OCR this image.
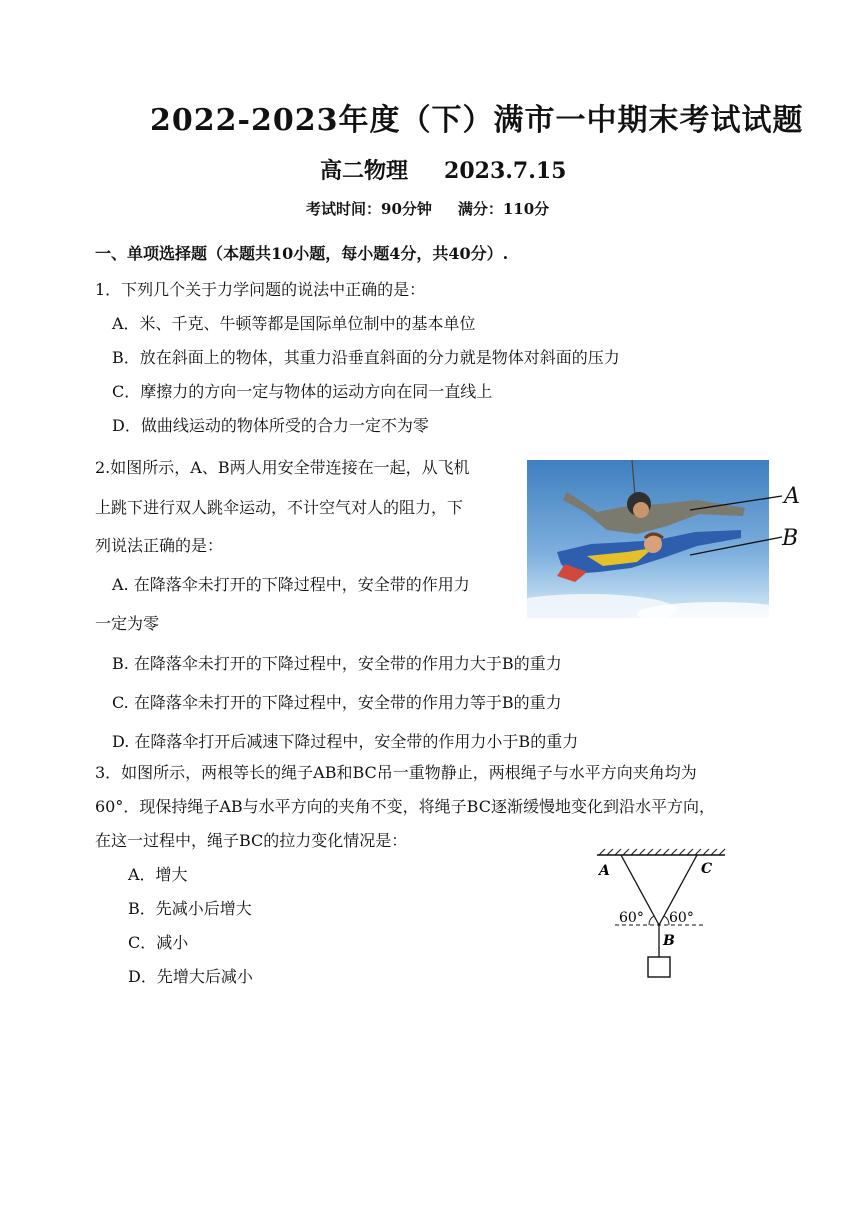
2022-2023年度（下）满市一中期末考试试题
高二物理 2023.7.15
考试时间：90分钟 满分：110分
一、单项选择题（本题共10小题，每小题4分，共40分）.
1．下列几个关于力学问题的说法中正确的是：
A．米、千克、牛顿等都是国际单位制中的基本单位
B．放在斜面上的物体，其重力沿垂直斜面的分力就是物体对斜面的压力
C．摩擦力的方向一定与物体的运动方向在同一直线上
D．做曲线运动的物体所受的合力一定不为零
2.如图所示，A、B两人用安全带连接在一起，从飞机
上跳下进行双人跳伞运动，不计空气对人的阻力，下
列说法正确的是：
A. 在降落伞未打开的下降过程中，安全带的作用力
一定为零
B. 在降落伞未打开的下降过程中，安全带的作用力大于B的重力
C. 在降落伞未打开的下降过程中，安全带的作用力等于B的重力
D. 在降落伞打开后减速下降过程中，安全带的作用力小于B的重力
A
B
3．如图所示，两根等长的绳子AB和BC吊一重物静止，两根绳子与水平方向夹角均为
60°．现保持绳子AB与水平方向的夹角不变，将绳子BC逐渐缓慢地变化到沿水平方向，
在这一过程中，绳子BC的拉力变化情况是：
A．增大
B．先减小后增大
C．减小
D．先增大后减小
A	C
B
60° 60°
